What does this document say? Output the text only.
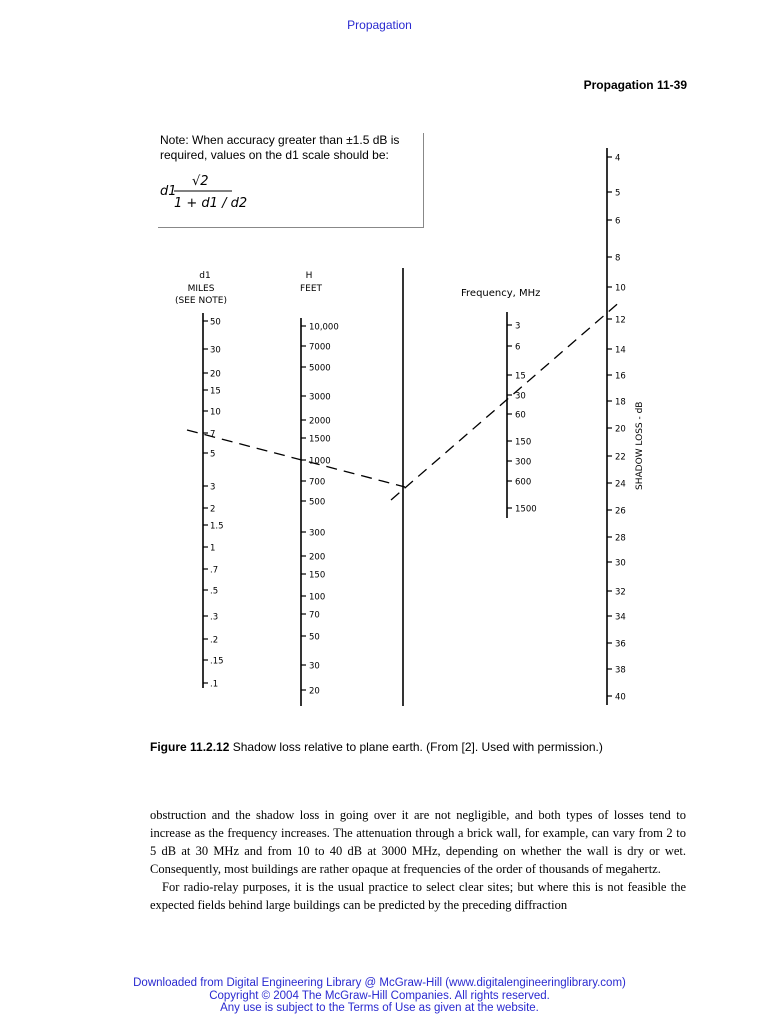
Propagation
Propagation 11-39
Note: When accuracy greater than ±1.5 dB is
required, values on the d1 scale should be:
d1
√2
1 + d1 / d2
d1
MILES
(SEE NOTE)
H
FEET	Frequency, MHz
SHADOW LOSS - dB
50
30
20
15
10
7
5
3
2
1.5
1
.7
.5
.3
.2
.15
.1
10,000
7000
5000
3000
2000
1500
1000
700
500
300
200
150
100
70
50
30
20
3
6
15
30
60
150
300
600
1500
4
5
6
8
10
12
14
16
18
20
22
24
26
28
30
32
34
36
38
40
Figure 11.2.12 Shadow loss relative to plane earth. (From [2]. Used with permission.)

obstruction and the shadow loss in going over it are not negligible, and both types of losses tend to increase as the frequency increases. The attenuation through a brick wall, for example, can vary from 2 to 5 dB at 30 MHz and from 10 to 40 dB at 3000 MHz, depending on whether the wall is dry or wet. Consequently, most buildings are rather opaque at frequencies of the order of thousands of megahertz.

For radio-relay purposes, it is the usual practice to select clear sites; but where this is not feasible the expected fields behind large buildings can be predicted by the preceding diffraction

Downloaded from Digital Engineering Library @ McGraw-Hill (www.digitalengineeringlibrary.com)
Copyright © 2004 The McGraw-Hill Companies. All rights reserved.
Any use is subject to the Terms of Use as given at the website.
